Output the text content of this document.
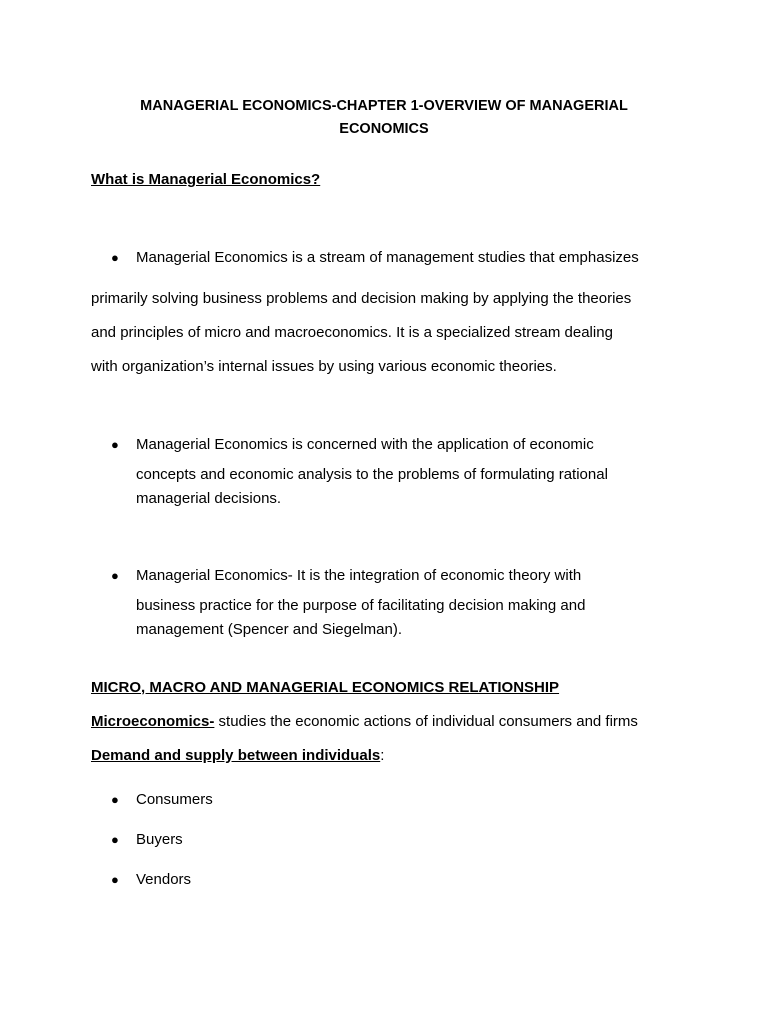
MANAGERIAL ECONOMICS-CHAPTER 1-OVERVIEW OF MANAGERIAL
ECONOMICS
What is Managerial Economics?
● Managerial Economics is a stream of management studies that emphasizes
primarily solving business problems and decision making by applying the theories
and principles of micro and macroeconomics. It is a specialized stream dealing
with organization’s internal issues by using various economic theories.
● Managerial Economics is concerned with the application of economic
concepts and economic analysis to the problems of formulating rational
managerial decisions.
● Managerial Economics- It is the integration of economic theory with
business practice for the purpose of facilitating decision making and
management (Spencer and Siegelman).
MICRO, MACRO AND MANAGERIAL ECONOMICS RELATIONSHIP
Microeconomics- studies the economic actions of individual consumers and firms
Demand and supply between individuals:
● Consumers
● Buyers
● Vendors
